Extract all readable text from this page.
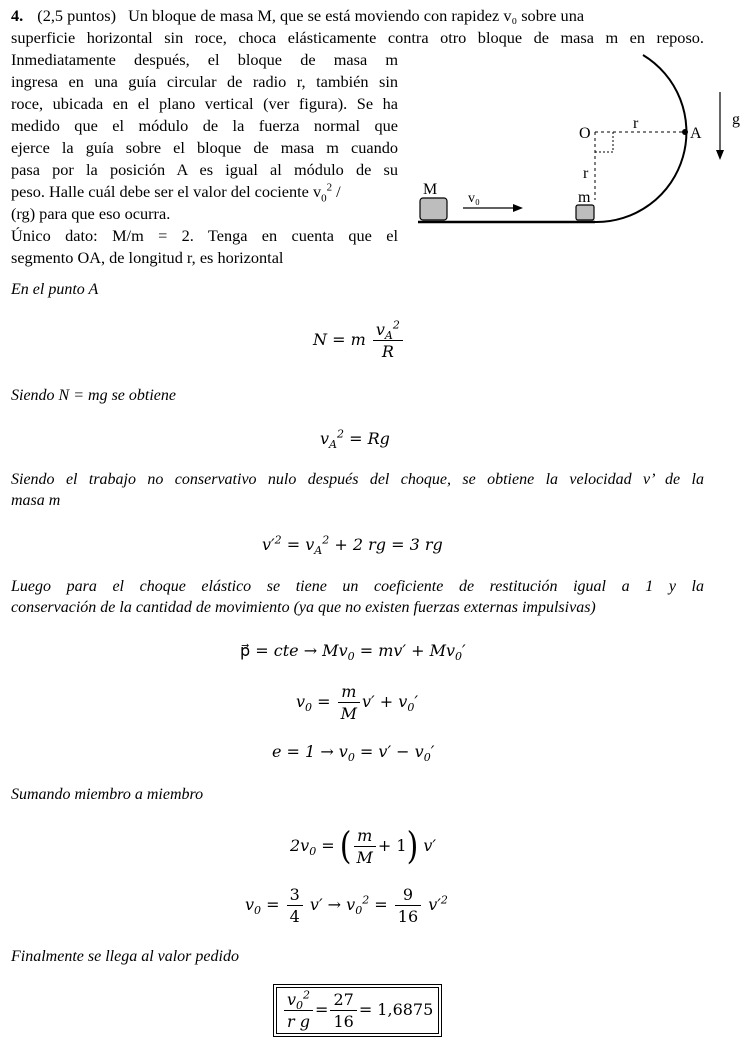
4. (2,5 puntos) Un bloque de masa M, que se está moviendo con rapidez v₀ sobre una
superficie horizontal sin roce, choca elásticamente contra otro bloque de masa m en reposo.
Inmediatamente después, el bloque de masa m
ingresa en una guía circular de radio r, también sin
roce, ubicada en el plano vertical (ver figura). Se ha
medido que el módulo de la fuerza normal que
ejerce la guía sobre el bloque de masa m cuando
pasa por la posición A es igual al módulo de su
peso. Halle cuál debe ser el valor del cociente $v_0^2$ /
(rg) para que eso ocurra.
Único dato: M/m = 2. Tenga en cuenta que el
segmento OA, de longitud r, es horizontal
O	A
r
r
m
M
v₀
g
En el punto A
N = m $\frac{v_A^2}{R}$
Siendo N = mg se obtiene
$v_A^2 = Rg$
Siendo el trabajo no conservativo nulo después del choque, se obtiene la velocidad v’ de la
masa m
$v'^2 = v_A^2 + 2$ rg = 3 rg
Luego para el choque elástico se tiene un coeficiente de restitución igual a 1 y la
conservación de la cantidad de movimiento (ya que no existen fuerzas externas impulsivas)
p⃗ = cte → $Mv_0 = mv' + Mv_0'$
$v_0 = \frac{m}{M} v' + v_0'$
$e = 1 \to v_0 = v' - v_0'$
Sumando miembro a miembro
$2v_0$ = ( $\frac{m}{M} + 1$) v′
$v_0 = \frac{3}{4} v' \to v_0^2 = \frac{9}{16} v'^2$
Finalmente se llega al valor pedido
$\frac{v_0^2}{\text{r g}} = \frac{27}{16} = 1,6875$
